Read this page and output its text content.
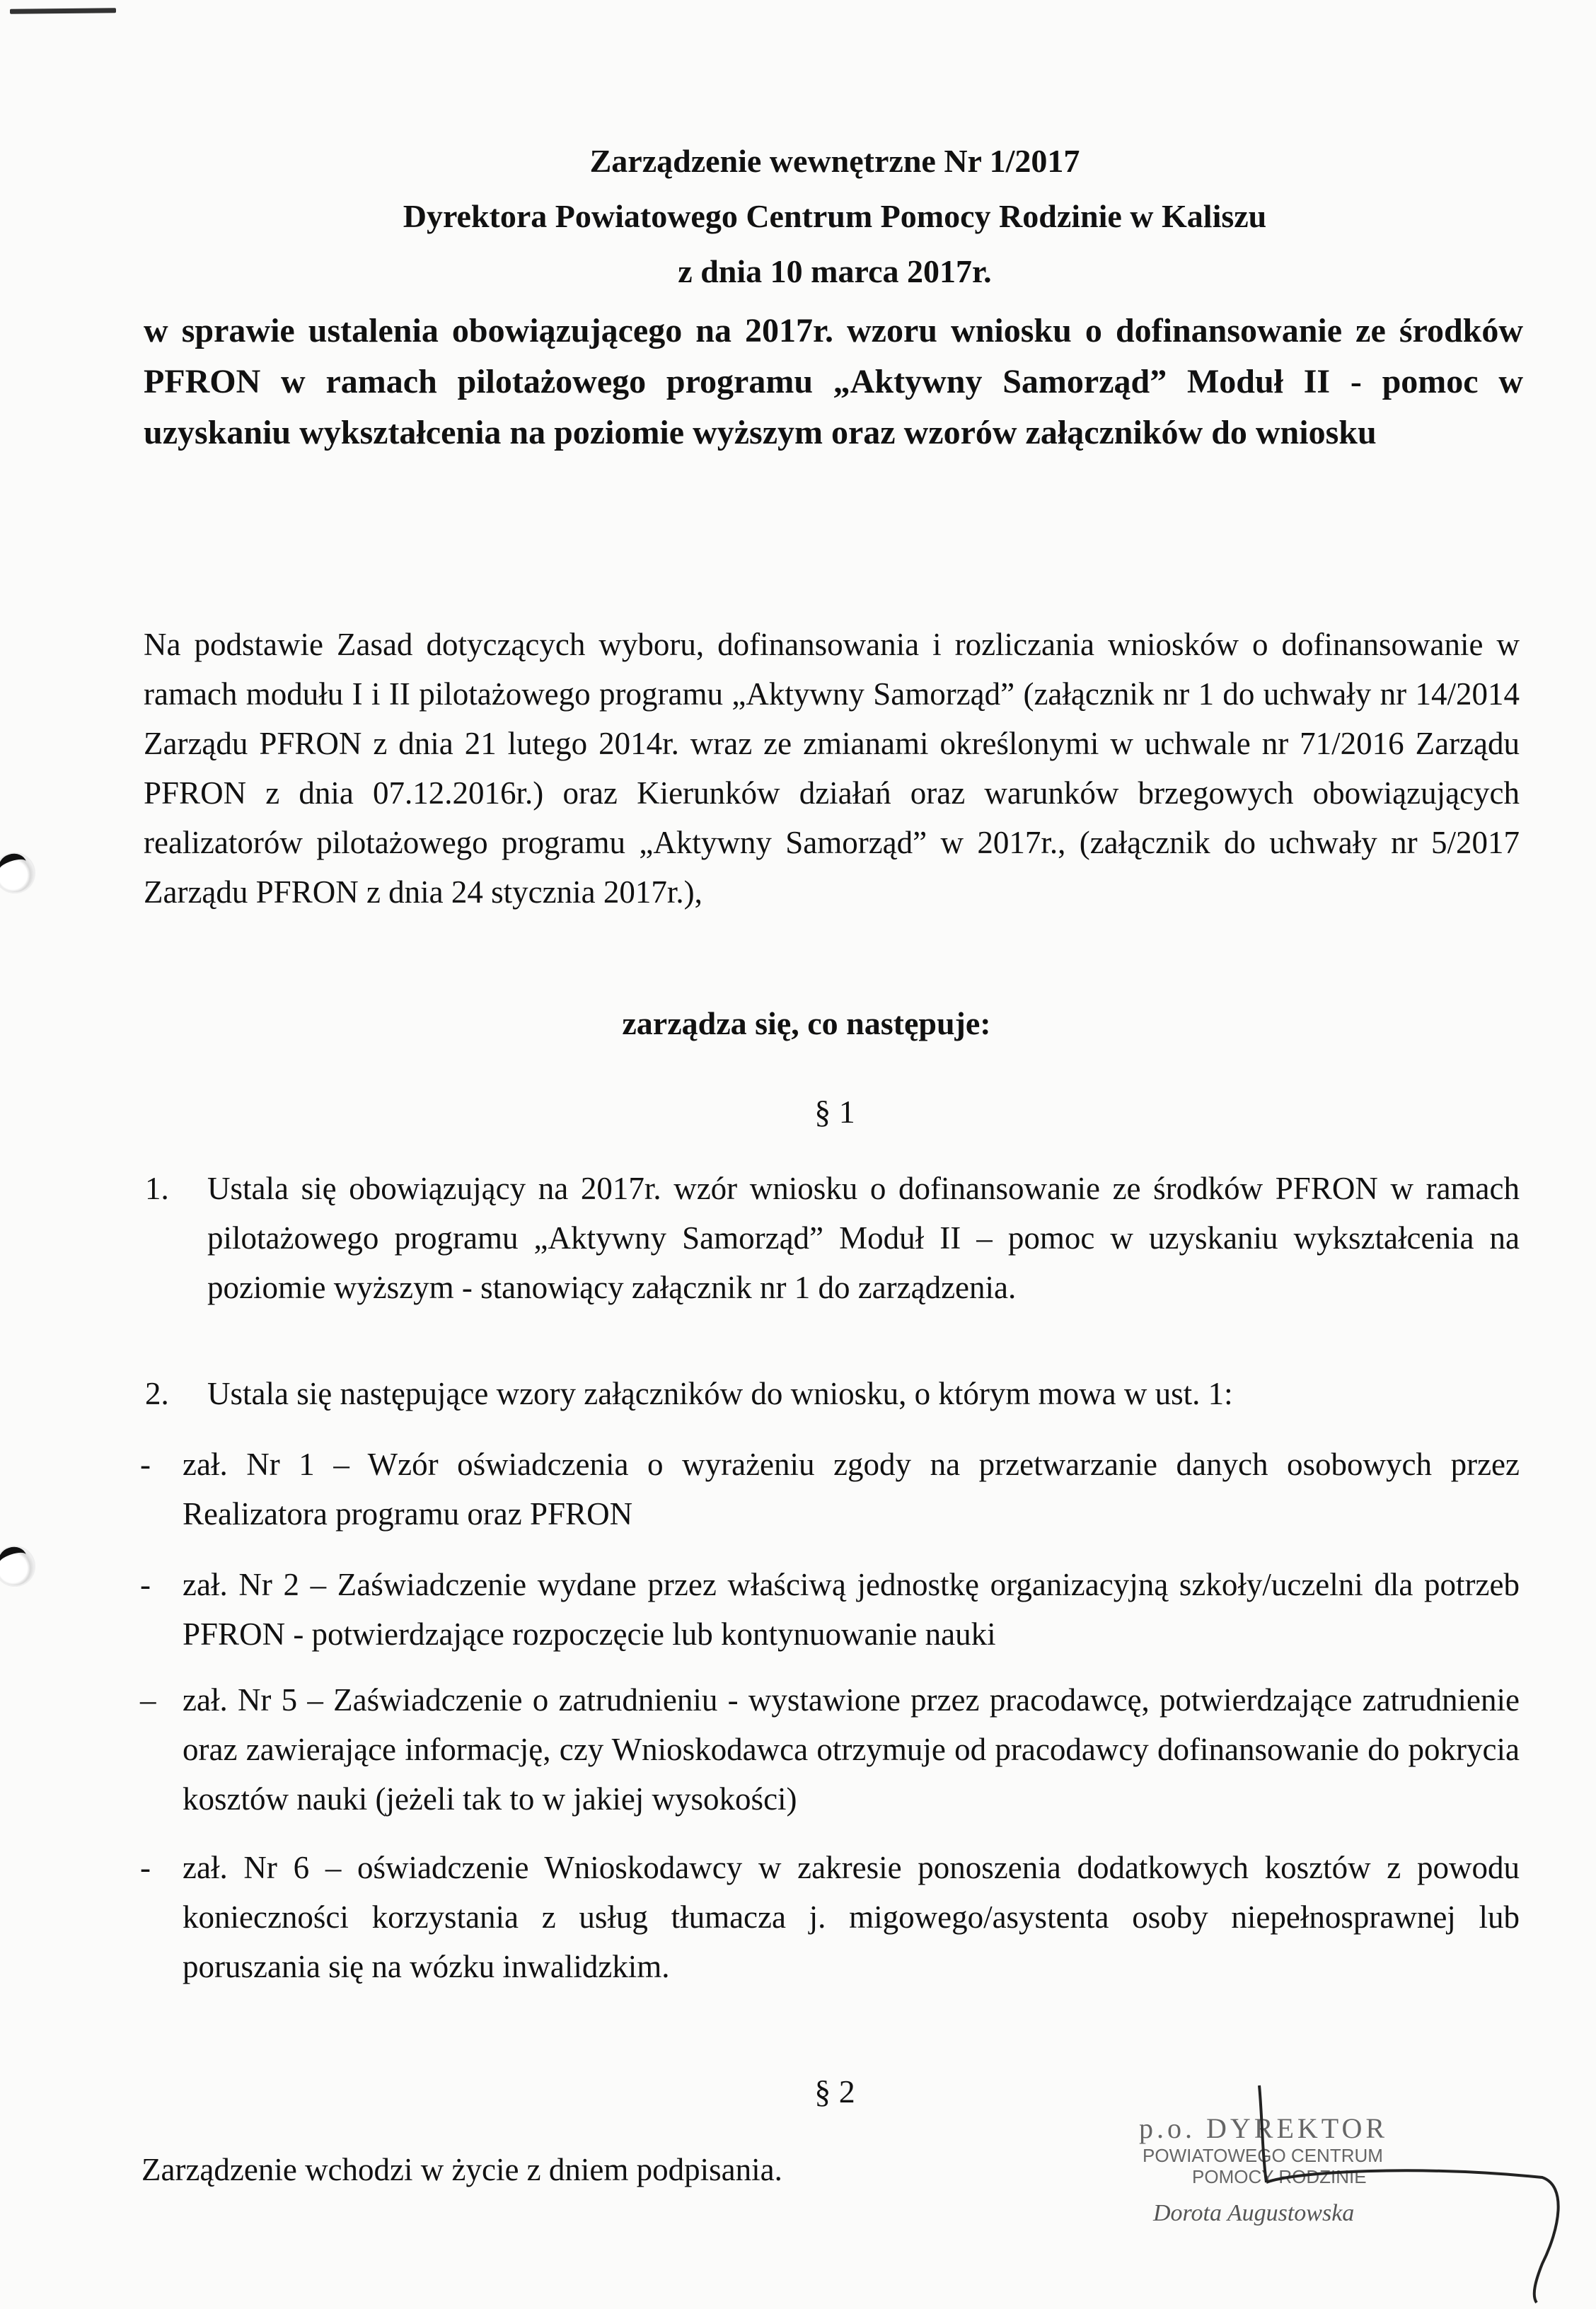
Zarządzenie wewnętrzne Nr 1/2017
Dyrektora Powiatowego Centrum Pomocy Rodzinie w Kaliszu
z dnia 10 marca 2017r.
w sprawie ustalenia obowiązującego na 2017r. wzoru wniosku o dofinansowanie ze środków PFRON w ramach pilotażowego programu „Aktywny Samorząd” Moduł II - pomoc w uzyskaniu wykształcenia na poziomie wyższym oraz wzorów załączników do wniosku
Na podstawie Zasad dotyczących wyboru, dofinansowania i rozliczania wniosków o dofinansowanie w ramach modułu I i II pilotażowego programu „Aktywny Samorząd” (załącznik nr 1 do uchwały nr 14/2014 Zarządu PFRON z dnia 21 lutego 2014r. wraz ze zmianami określonymi w uchwale nr 71/2016 Zarządu PFRON z dnia 07.12.2016r.) oraz Kierunków działań oraz warunków brzegowych obowiązujących realizatorów pilotażowego programu „Aktywny Samorząd” w 2017r., (załącznik do uchwały nr 5/2017 Zarządu PFRON z dnia 24 stycznia 2017r.),
zarządza się, co następuje:
§ 1
1. Ustala się obowiązujący na 2017r. wzór wniosku o dofinansowanie ze środków PFRON w ramach pilotażowego programu „Aktywny Samorząd” Moduł II – pomoc w uzyskaniu wykształcenia na poziomie wyższym - stanowiący załącznik nr 1 do zarządzenia.
2. Ustala się następujące wzory załączników do wniosku, o którym mowa w ust. 1:
- zał. Nr 1 – Wzór oświadczenia o wyrażeniu zgody na przetwarzanie danych osobowych przez Realizatora programu oraz PFRON
- zał. Nr 2 – Zaświadczenie wydane przez właściwą jednostkę organizacyjną szkoły/uczelni dla potrzeb PFRON - potwierdzające rozpoczęcie lub kontynuowanie nauki
– zał. Nr 5 – Zaświadczenie o zatrudnieniu - wystawione przez pracodawcę, potwierdzające zatrudnienie oraz zawierające informację, czy Wnioskodawca otrzymuje od pracodawcy dofinansowanie do pokrycia kosztów nauki (jeżeli tak to w jakiej wysokości)
- zał. Nr 6 – oświadczenie Wnioskodawcy w zakresie ponoszenia dodatkowych kosztów z powodu konieczności korzystania z usług tłumacza j. migowego/asystenta osoby niepełnosprawnej lub poruszania się na wózku inwalidzkim.
§ 2
Zarządzenie wchodzi w życie z dniem podpisania.
p.o. DYREKTOR
POWIATOWEGO CENTRUM
POMOCY RODZINIE
Dorota Augustowska
